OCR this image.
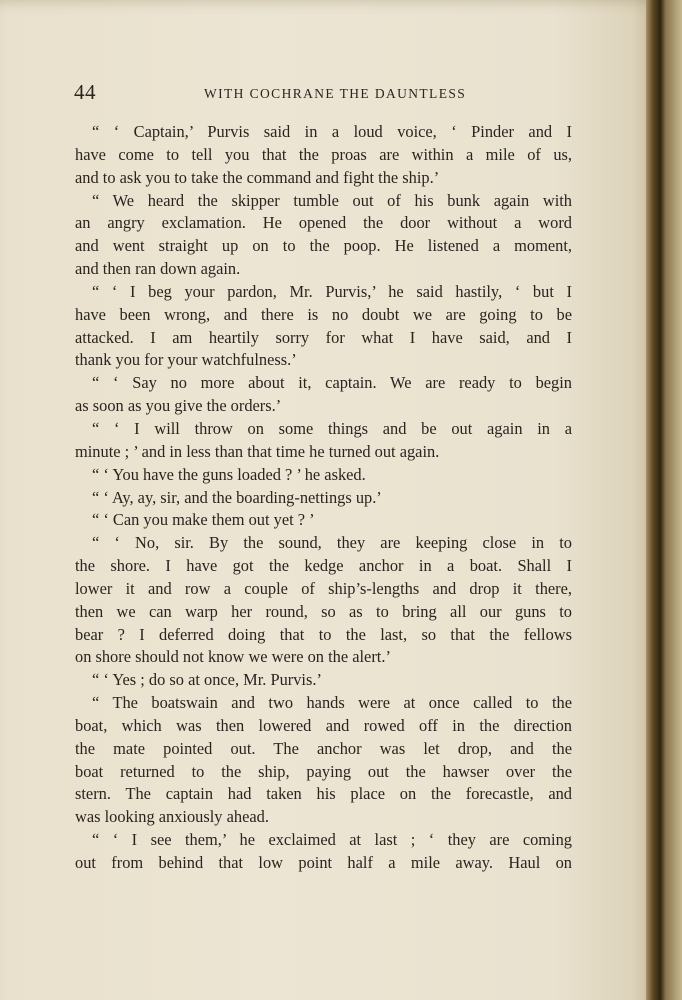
44	WITH COCHRANE THE DAUNTLESS
“ ‘ Captain,’ Purvis said in a loud voice, ‘ Pinder and I
have come to tell you that the proas are within a mile of us,
and to ask you to take the command and fight the ship.’
“ We heard the skipper tumble out of his bunk again with
an angry exclamation. He opened the door without a word
and went straight up on to the poop. He listened a moment,
and then ran down again.
“ ‘ I beg your pardon, Mr. Purvis,’ he said hastily, ‘ but I
have been wrong, and there is no doubt we are going to be
attacked. I am heartily sorry for what I have said, and I
thank you for your watchfulness.’
“ ‘ Say no more about it, captain. We are ready to begin
as soon as you give the orders.’
“ ‘ I will throw on some things and be out again in a
minute ; ’ and in less than that time he turned out again.
“ ‘ You have the guns loaded ? ’ he asked.
“ ‘ Ay, ay, sir, and the boarding-nettings up.’
“ ‘ Can you make them out yet ? ’
“ ‘ No, sir. By the sound, they are keeping close in to
the shore. I have got the kedge anchor in a boat. Shall I
lower it and row a couple of ship’s-lengths and drop it there,
then we can warp her round, so as to bring all our guns to
bear ? I deferred doing that to the last, so that the fellows
on shore should not know we were on the alert.’
“ ‘ Yes ; do so at once, Mr. Purvis.’
“ The boatswain and two hands were at once called to the
boat, which was then lowered and rowed off in the direction
the mate pointed out. The anchor was let drop, and the
boat returned to the ship, paying out the hawser over the
stern. The captain had taken his place on the forecastle, and
was looking anxiously ahead.
“ ‘ I see them,’ he exclaimed at last ; ‘ they are coming
out from behind that low point half a mile away. Haul on
